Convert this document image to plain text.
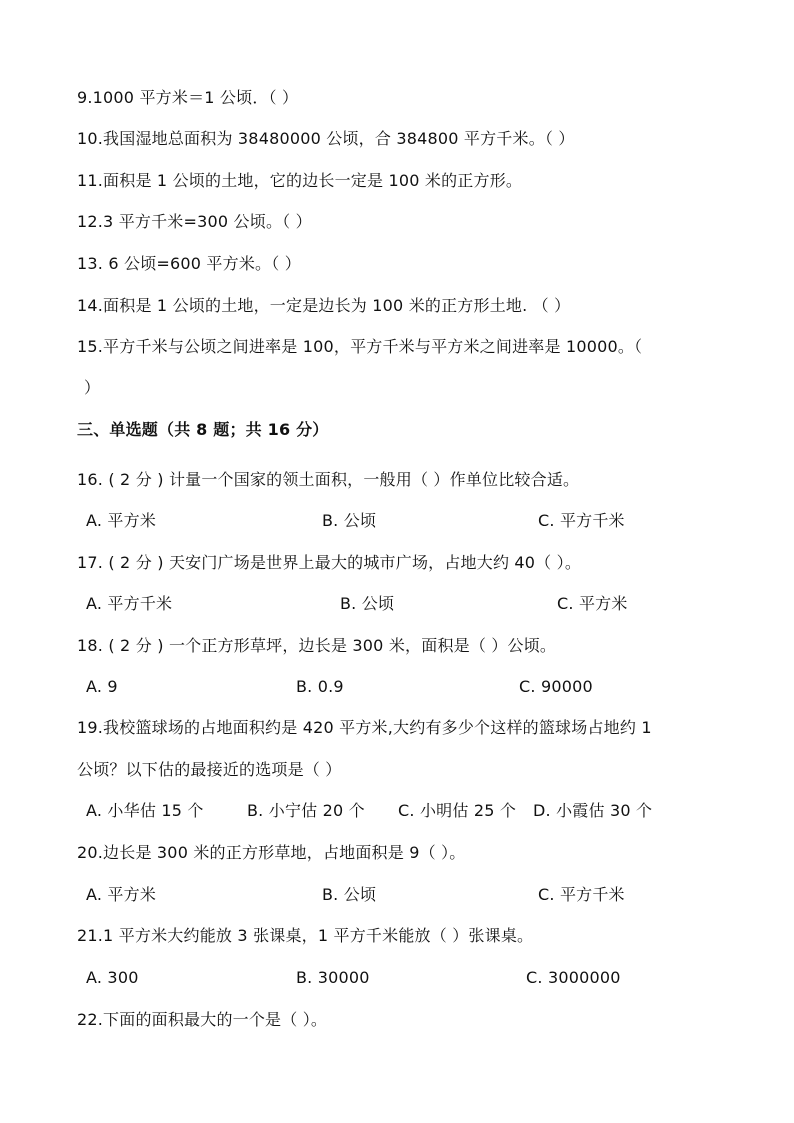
9.1000 平方米＝1 公顷．（ ）
10.我国湿地总面积为 38480000 公顷，合 384800 平方千米。（ ）
11.面积是 1 公顷的土地，它的边长一定是 100 米的正方形。
12.3 平方千米=300 公顷。（ ）
13. 6 公顷=600 平方米。（ ）
14.面积是 1 公顷的土地，一定是边长为 100 米的正方形土地. （ ）
15.平方千米与公顷之间进率是 100，平方千米与平方米之间进率是 10000。（
）
三、单选题（共 8 题；共 16 分）
16. ( 2 分 ) 计量一个国家的领土面积，一般用（ ）作单位比较合适。
A. 平方米	B. 公顷	C. 平方千米
17. ( 2 分 ) 天安门广场是世界上最大的城市广场，占地大约 40（ ）。
A. 平方千米	B. 公顷	C. 平方米
18. ( 2 分 ) 一个正方形草坪，边长是 300 米，面积是（ ）公顷。
A. 9	B. 0.9	C. 90000
19.我校篮球场的占地面积约是 420 平方米,大约有多少个这样的篮球场占地约 1
公顷？以下估的最接近的选项是（ ）
A. 小华估 15 个	B. 小宁估 20 个 C. 小明估 25 个 D. 小霞估 30 个
20.边长是 300 米的正方形草地，占地面积是 9（ ）。
A. 平方米	B. 公顷	C. 平方千米
21.1 平方米大约能放 3 张课桌，1 平方千米能放（ ）张课桌。
A. 300	B. 30000	C. 3000000
22.下面的面积最大的一个是（ ）。
